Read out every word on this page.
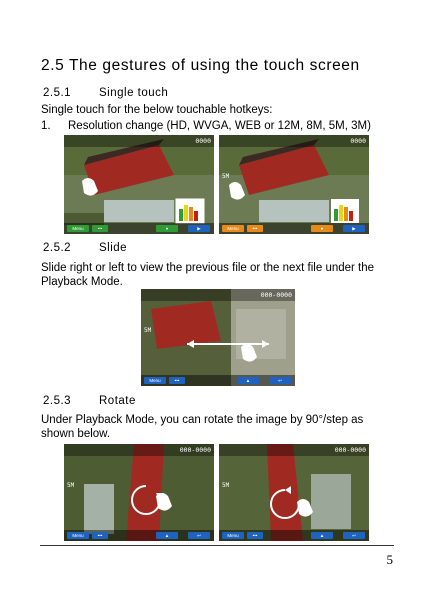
2.5 The gestures of using the touch screen
2.5.1 Single touch
Single touch for the below touchable hotkeys:
1. Resolution change (HD, WVGA, WEB or 12M, 8M, 5M, 3M)
0000
Menu	•••	●	▶
0000
5M
Menu	•••	●	▶
2.5.2 Slide
Slide right or left to view the previous file or the next file under the Playback Mode.
000-0000
5M
Menu	•••	▲	↩
2.5.3 Rotate
Under Playback Mode, you can rotate the image by 90°/step as shown below.
000-0000
5M
Menu	•••	▲	↩
000-0000
5M
Menu	•••	▲	↩
5
